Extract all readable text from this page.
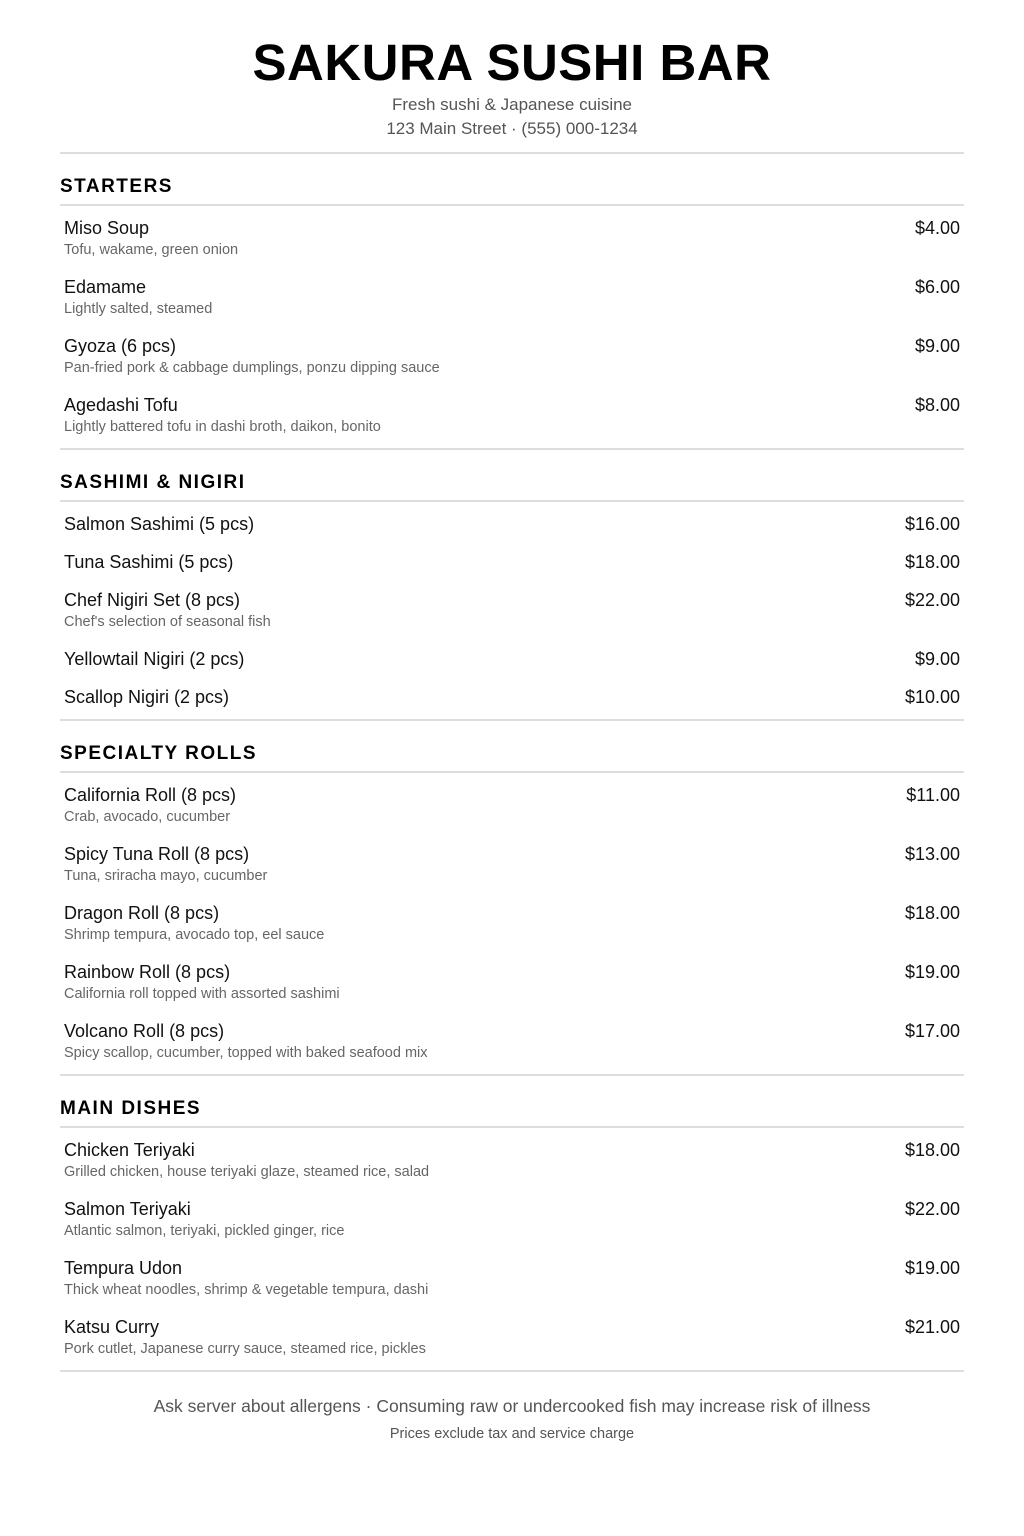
SAKURA SUSHI BAR
Fresh sushi & Japanese cuisine
123 Main Street · (555) 000-1234
STARTERS
Miso Soup
Tofu, wakame, green onion
$4.00
Edamame
Lightly salted, steamed
$6.00
Gyoza (6 pcs)
Pan-fried pork & cabbage dumplings, ponzu dipping sauce
$9.00
Agedashi Tofu
Lightly battered tofu in dashi broth, daikon, bonito
$8.00
SASHIMI & NIGIRI
Salmon Sashimi (5 pcs)	$16.00
Tuna Sashimi (5 pcs)	$18.00
Chef Nigiri Set (8 pcs)
Chef's selection of seasonal fish
$22.00
Yellowtail Nigiri (2 pcs)	$9.00
Scallop Nigiri (2 pcs)	$10.00
SPECIALTY ROLLS
California Roll (8 pcs)
Crab, avocado, cucumber
$11.00
Spicy Tuna Roll (8 pcs)
Tuna, sriracha mayo, cucumber
$13.00
Dragon Roll (8 pcs)
Shrimp tempura, avocado top, eel sauce
$18.00
Rainbow Roll (8 pcs)
California roll topped with assorted sashimi
$19.00
Volcano Roll (8 pcs)
Spicy scallop, cucumber, topped with baked seafood mix
$17.00
MAIN DISHES
Chicken Teriyaki
Grilled chicken, house teriyaki glaze, steamed rice, salad
$18.00
Salmon Teriyaki
Atlantic salmon, teriyaki, pickled ginger, rice
$22.00
Tempura Udon
Thick wheat noodles, shrimp & vegetable tempura, dashi
$19.00
Katsu Curry
Pork cutlet, Japanese curry sauce, steamed rice, pickles
$21.00
Ask server about allergens · Consuming raw or undercooked fish may increase risk of illness
Prices exclude tax and service charge
